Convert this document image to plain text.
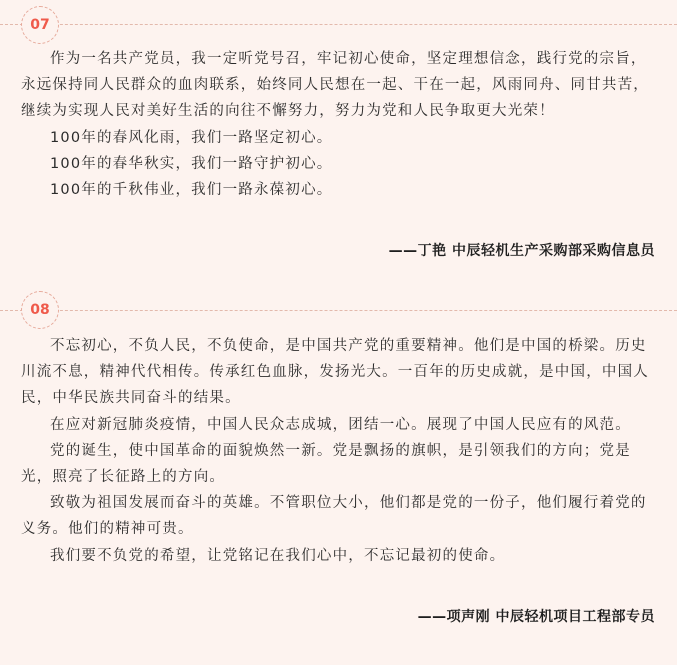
07

作为一名共产党员，我一定听党号召，牢记初心使命，坚定理想信念，践行党的宗旨，永远保持同人民群众的血肉联系，始终同人民想在一起、干在一起，风雨同舟、同甘共苦，继续为实现人民对美好生活的向往不懈努力，努力为党和人民争取更大光荣！

100年的春风化雨，我们一路坚定初心。

100年的春华秋实，我们一路守护初心。

100年的千秋伟业，我们一路永葆初心。

——丁艳 中辰轻机生产采购部采购信息员
08

不忘初心，不负人民，不负使命，是中国共产党的重要精神。他们是中国的桥梁。历史川流不息，精神代代相传。传承红色血脉，发扬光大。一百年的历史成就，是中国，中国人民，中华民族共同奋斗的结果。

在应对新冠肺炎疫情，中国人民众志成城，团结一心。展现了中国人民应有的风范。

党的诞生，使中国革命的面貌焕然一新。党是飘扬的旗帜，是引领我们的方向；党是光，照亮了长征路上的方向。

致敬为祖国发展而奋斗的英雄。不管职位大小，他们都是党的一份子，他们履行着党的义务。他们的精神可贵。

我们要不负党的希望，让党铭记在我们心中，不忘记最初的使命。

——项声刚 中辰轻机项目工程部专员
